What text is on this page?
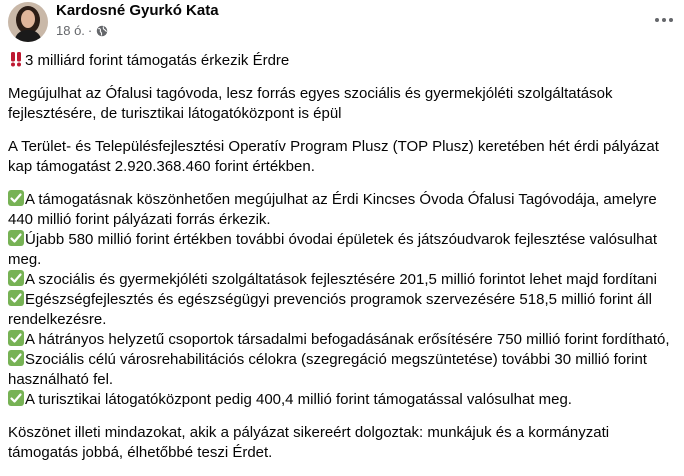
Kardosné Gyurkó Kata
18 ó. ·

3 milliárd forint támogatás érkezik Érdre

Megújulhat az Ófalusi tagóvoda, lesz forrás egyes szociális és gyermekjóléti szolgáltatások fejlesztésére, de turisztikai látogatóközpont is épül

A Terület- és Településfejlesztési Operatív Program Plusz (TOP Plusz) keretében hét érdi pályázat kap támogatást 2.920.368.460 forint értékben.

A támogatásnak köszönhetően megújulhat az Érdi Kincses Óvoda Ófalusi Tagóvodája, amelyre 440 millió forint pályázati forrás érkezik.
Újabb 580 millió forint értékben további óvodai épületek és játszóudvarok fejlesztése valósulhat meg.
A szociális és gyermekjóléti szolgáltatások fejlesztésére 201,5 millió forintot lehet majd fordítani
Egészségfejlesztés és egészségügyi prevenciós programok szervezésére 518,5 millió forint áll rendelkezésre.
A hátrányos helyzetű csoportok társadalmi befogadásának erősítésére 750 millió forint fordítható,
Szociális célú városrehabilitációs célokra (szegregáció megszüntetése) további 30 millió forint használható fel.
A turisztikai látogatóközpont pedig 400,4 millió forint támogatással valósulhat meg.

Köszönet illeti mindazokat, akik a pályázat sikereért dolgoztak: munkájuk és a kormányzati támogatás jobbá, élhetőbbé teszi Érdet.
